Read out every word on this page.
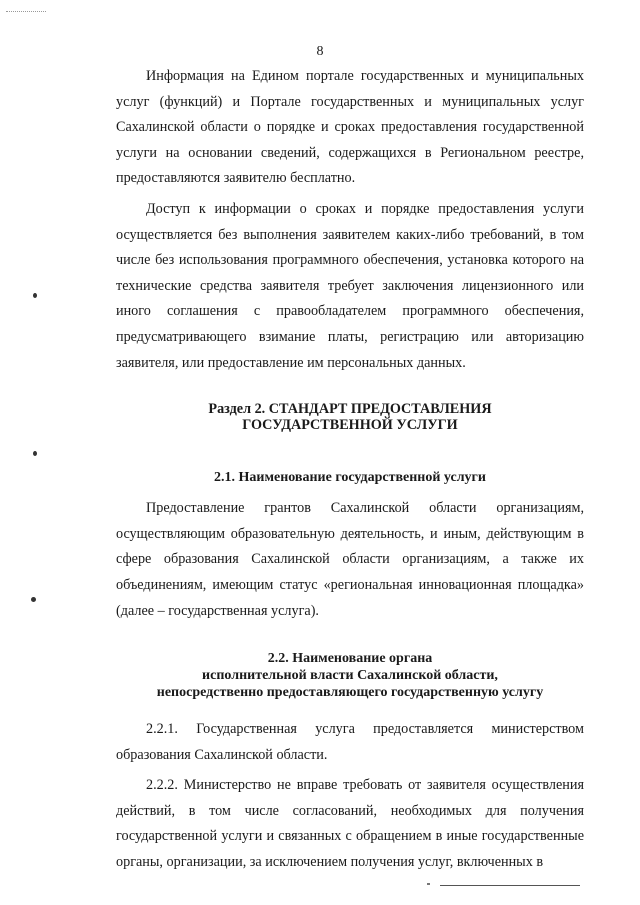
8

Информация на Едином портале государственных и муниципальных услуг (функций) и Портале государственных и муниципальных услуг Сахалинской области о порядке и сроках предоставления государственной услуги на основании сведений, содержащихся в Региональном реестре, предоставляются заявителю бесплатно.

Доступ к информации о сроках и порядке предоставления услуги осуществляется без выполнения заявителем каких-либо требований, в том числе без использования программного обеспечения, установка которого на технические средства заявителя требует заключения лицензионного или иного соглашения с правообладателем программного обеспечения, предусматривающего взимание платы, регистрацию или авторизацию заявителя, или предоставление им персональных данных.

Раздел 2. СТАНДАРТ ПРЕДОСТАВЛЕНИЯ
ГОСУДАРСТВЕННОЙ УСЛУГИ
2.1. Наименование государственной услуги

Предоставление грантов Сахалинской области организациям, осуществляющим образовательную деятельность, и иным, действующим в сфере образования Сахалинской области организациям, а также их объединениям, имеющим статус «региональная инновационная площадка» (далее – государственная услуга).

2.2. Наименование органа
исполнительной власти Сахалинской области,
непосредственно предоставляющего государственную услугу

2.2.1. Государственная услуга предоставляется министерством образования Сахалинской области.

2.2.2. Министерство не вправе требовать от заявителя осуществления действий, в том числе согласований, необходимых для получения государственной услуги и связанных с обращением в иные государственные органы, организации, за исключением получения услуг, включенных в
